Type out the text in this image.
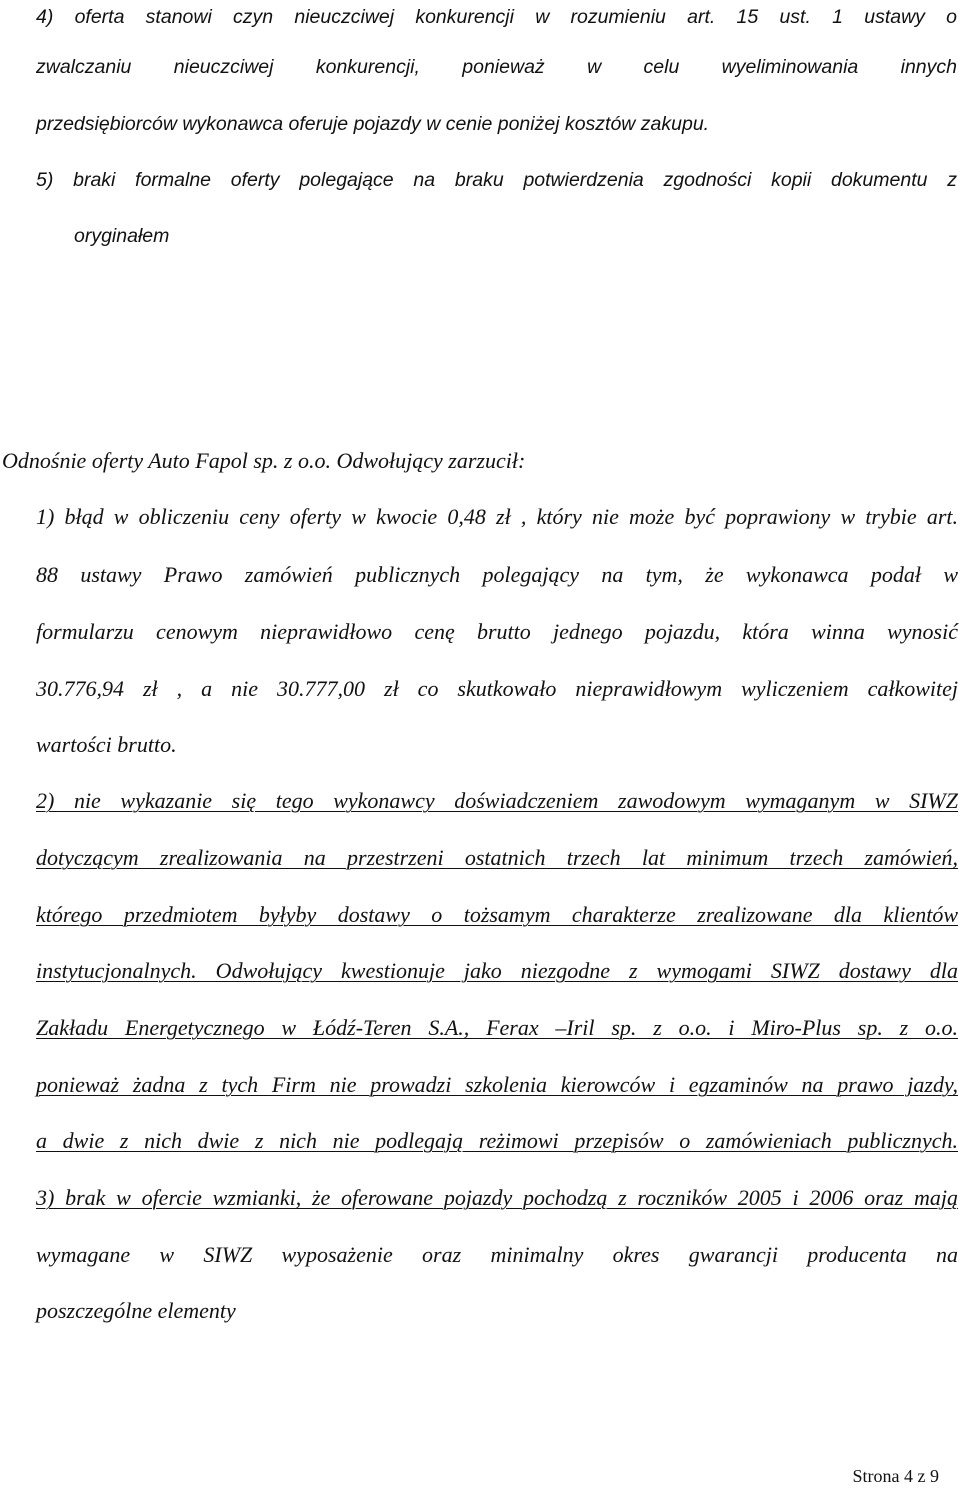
4) oferta stanowi czyn nieuczciwej konkurencji w rozumieniu art. 15 ust. 1 ustawy o
zwalczaniu nieuczciwej konkurencji, ponieważ w celu wyeliminowania innych
przedsiębiorców wykonawca oferuje pojazdy w cenie poniżej kosztów zakupu.
5) braki formalne oferty polegające na braku potwierdzenia zgodności kopii dokumentu z
oryginałem
Odnośnie oferty Auto Fapol sp. z o.o. Odwołujący zarzucił:
1) błąd w obliczeniu ceny oferty w kwocie 0,48 zł , który nie może być poprawiony w trybie art.
88 ustawy Prawo zamówień publicznych polegający na tym, że wykonawca podał w
formularzu cenowym nieprawidłowo cenę brutto jednego pojazdu, która winna wynosić
30.776,94 zł , a nie 30.777,00 zł co skutkowało nieprawidłowym wyliczeniem całkowitej
wartości brutto.
2) nie wykazanie się tego wykonawcy doświadczeniem zawodowym wymaganym w SIWZ
dotyczącym zrealizowania na przestrzeni ostatnich trzech lat minimum trzech zamówień,
którego przedmiotem byłyby dostawy o tożsamym charakterze zrealizowane dla klientów
instytucjonalnych. Odwołujący kwestionuje jako niezgodne z wymogami SIWZ dostawy dla
Zakładu Energetycznego w Łódź-Teren S.A., Ferax –Iril sp. z o.o. i Miro-Plus sp. z o.o.
ponieważ żadna z tych Firm nie prowadzi szkolenia kierowców i egzaminów na prawo jazdy,
a dwie z nich dwie z nich nie podlegają reżimowi przepisów o zamówieniach publicznych.
3) brak w ofercie wzmianki, że oferowane pojazdy pochodzą z roczników 2005 i 2006 oraz mają
wymagane w SIWZ wyposażenie oraz minimalny okres gwarancji producenta na
poszczególne elementy
Strona 4 z 9
